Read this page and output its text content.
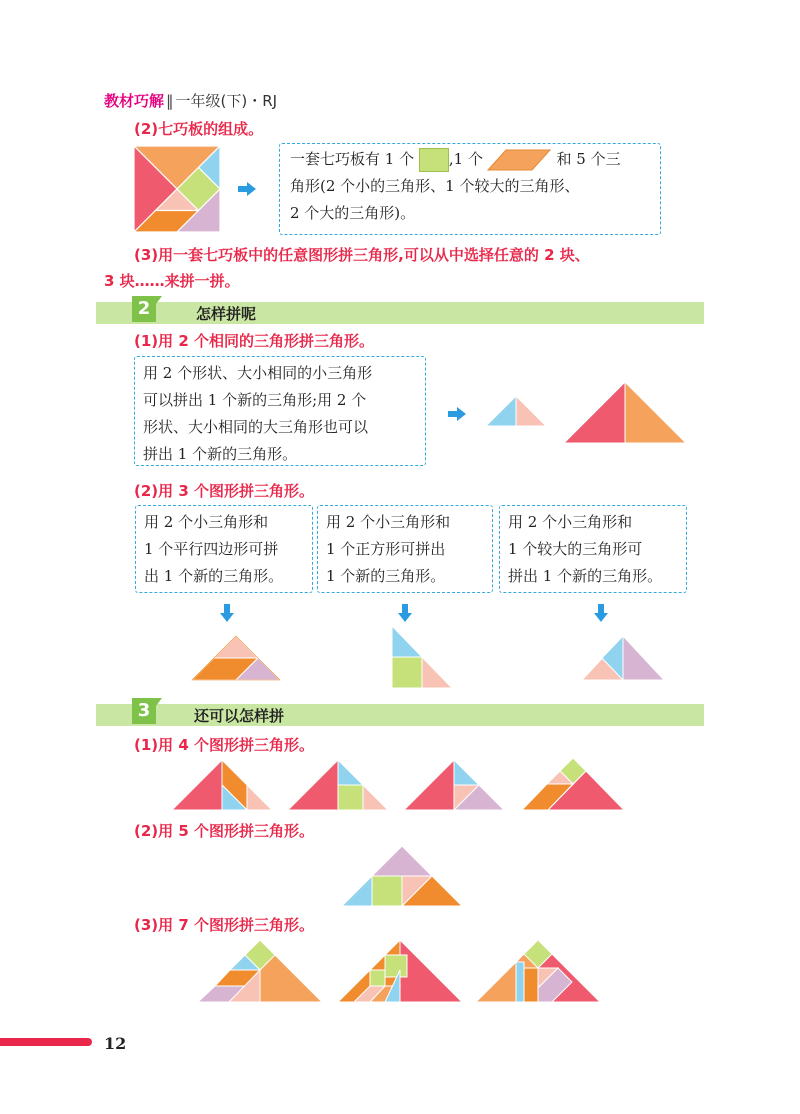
教材巧解 ‖ 一年级(下)・RJ
(2)七巧板的组成。
一套七巧板有 1 个 ,1 个	和 5 个三
角形(2 个小的三角形、1 个较大的三角形、
2 个大的三角形)。
(3)用一套七巧板中的任意图形拼三角形,可以从中选择任意的 2 块、
3 块……来拼一拼。
2	怎样拼呢
(1)用 2 个相同的三角形拼三角形。
用 2 个形状、大小相同的小三角形
可以拼出 1 个新的三角形;用 2 个
形状、大小相同的大三角形也可以
拼出 1 个新的三角形。
(2)用 3 个图形拼三角形。
用 2 个小三角形和
1 个平行四边形可拼
出 1 个新的三角形。
用 2 个小三角形和
1 个正方形可拼出
1 个新的三角形。
用 2 个小三角形和
1 个较大的三角形可
拼出 1 个新的三角形。
3	还可以怎样拼
(1)用 4 个图形拼三角形。
(2)用 5 个图形拼三角形。
(3)用 7 个图形拼三角形。
12
